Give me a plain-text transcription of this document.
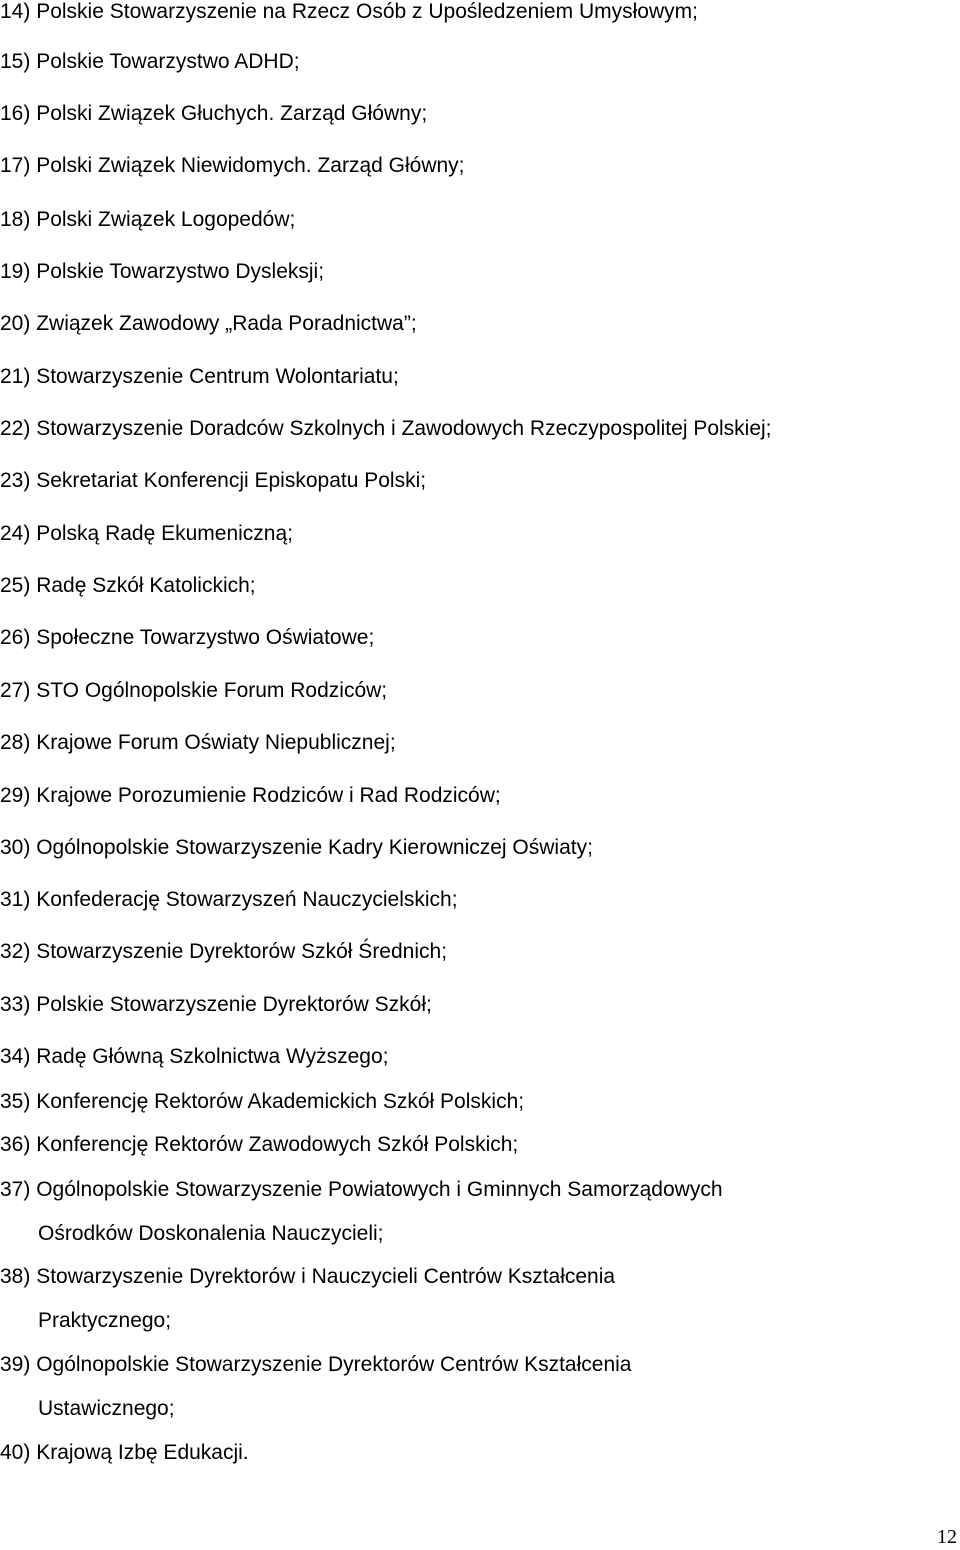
14) Polskie Stowarzyszenie na Rzecz Osób z Upośledzeniem Umysłowym;
15) Polskie Towarzystwo ADHD;
16) Polski Związek Głuchych. Zarząd Główny;
17) Polski Związek Niewidomych. Zarząd Główny;
18) Polski Związek Logopedów;
19) Polskie Towarzystwo Dysleksji;
20) Związek Zawodowy „Rada Poradnictwa”;
21) Stowarzyszenie Centrum Wolontariatu;
22) Stowarzyszenie Doradców Szkolnych i Zawodowych Rzeczypospolitej Polskiej;
23) Sekretariat Konferencji Episkopatu Polski;
24) Polską Radę Ekumeniczną;
25) Radę Szkół Katolickich;
26) Społeczne Towarzystwo Oświatowe;
27) STO Ogólnopolskie Forum Rodziców;
28) Krajowe Forum Oświaty Niepublicznej;
29) Krajowe Porozumienie Rodziców i Rad Rodziców;
30) Ogólnopolskie Stowarzyszenie Kadry Kierowniczej Oświaty;
31) Konfederację Stowarzyszeń Nauczycielskich;
32) Stowarzyszenie Dyrektorów Szkół Średnich;
33) Polskie Stowarzyszenie Dyrektorów Szkół;
34) Radę Główną Szkolnictwa Wyższego;
35) Konferencję Rektorów Akademickich Szkół Polskich;
36) Konferencję Rektorów Zawodowych Szkół Polskich;
37) Ogólnopolskie Stowarzyszenie Powiatowych i Gminnych Samorządowych
Ośrodków Doskonalenia Nauczycieli;
38) Stowarzyszenie Dyrektorów i Nauczycieli Centrów Kształcenia
Praktycznego;
39) Ogólnopolskie Stowarzyszenie Dyrektorów Centrów Kształcenia
Ustawicznego;
40) Krajową Izbę Edukacji.
12
